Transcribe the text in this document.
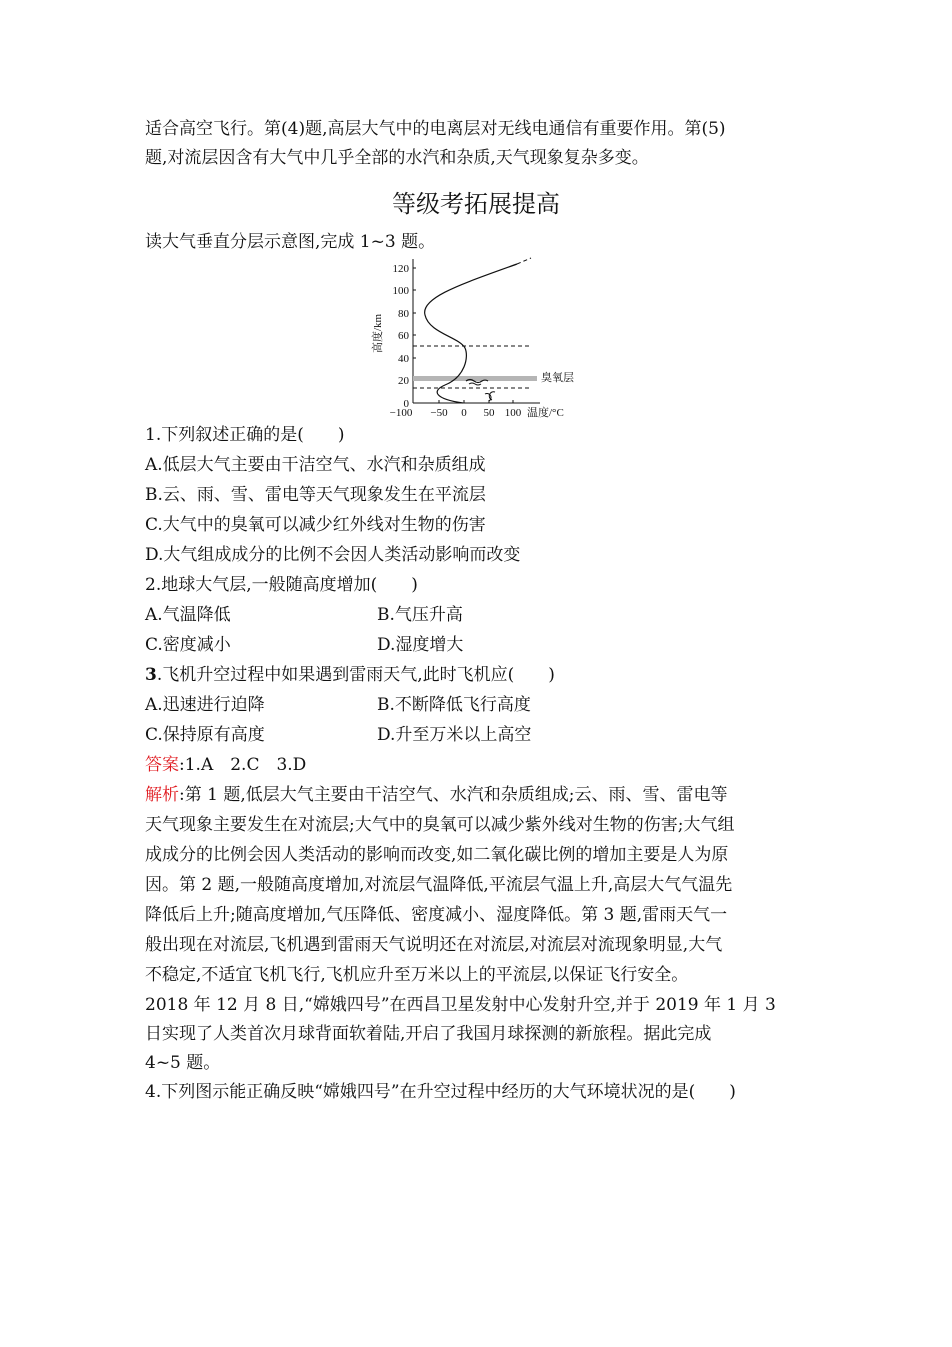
适合高空飞行。第(4)题,高层大气中的电离层对无线电通信有重要作用。第(5)
题,对流层因含有大气中几乎全部的水汽和杂质,天气现象复杂多变。
等级考拓展提高
读大气垂直分层示意图,完成 1~3 题。
120
100
80
60
40
20
0
高度/km
臭氧层
−100 −50 0 50 100 温度/°C
1.下列叙述正确的是(　　)
A.低层大气主要由干洁空气、水汽和杂质组成
B.云、雨、雪、雷电等天气现象发生在平流层
C.大气中的臭氧可以减少红外线对生物的伤害
D.大气组成成分的比例不会因人类活动影响而改变
2.地球大气层,一般随高度增加(　　)
A.气温降低	B.气压升高
C.密度减小	D.湿度增大
3.飞机升空过程中如果遇到雷雨天气,此时飞机应(　　)
A.迅速进行迫降	B.不断降低飞行高度
C.保持原有高度	D.升至万米以上高空
答案:1.A　2.C　3.D
解析:第 1 题,低层大气主要由干洁空气、水汽和杂质组成;云、雨、雪、雷电等
天气现象主要发生在对流层;大气中的臭氧可以减少紫外线对生物的伤害;大气组
成成分的比例会因人类活动的影响而改变,如二氧化碳比例的增加主要是人为原
因。第 2 题,一般随高度增加,对流层气温降低,平流层气温上升,高层大气气温先
降低后上升;随高度增加,气压降低、密度减小、湿度降低。第 3 题,雷雨天气一
般出现在对流层,飞机遇到雷雨天气说明还在对流层,对流层对流现象明显,大气
不稳定,不适宜飞机飞行,飞机应升至万米以上的平流层,以保证飞行安全。
2018 年 12 月 8 日,“嫦娥四号”在西昌卫星发射中心发射升空,并于 2019 年 1 月 3
日实现了人类首次月球背面软着陆,开启了我国月球探测的新旅程。据此完成
4~5 题。
4.下列图示能正确反映“嫦娥四号”在升空过程中经历的大气环境状况的是(　　)
